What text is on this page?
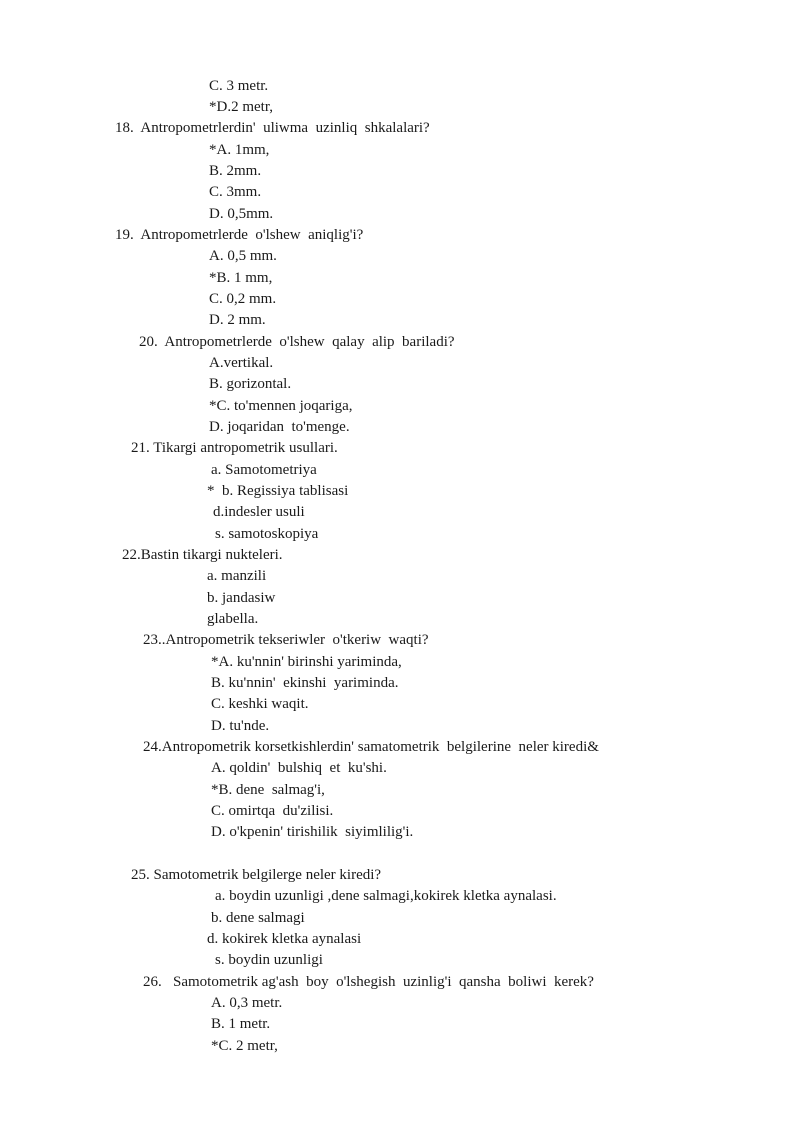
C. 3 metr.
*D.2 metr,
18.  Antropometrlerdin'  uliwma  uzinliq  shkalalari?
*A. 1mm,
B. 2mm.
C. 3mm.
D. 0,5mm.
19.  Antropometrlerde  o'lshew  aniqlig'i?
A. 0,5 mm.
*B. 1 mm,
C. 0,2 mm.
D. 2 mm.
20.  Antropometrlerde  o'lshew  qalay  alip  bariladi?
A.vertikal.
B. gorizontal.
*C. to'mennen joqariga,
D. joqaridan  to'menge.
21. Tikargi antropometrik usullari.
a. Samotometriya
*  b. Regissiya tablisasi
d.indesler usuli
s. samotoskopiya
22.Bastin tikargi nukteleri.
a. manzili
b. jandasiw
glabella.
23..Antropometrik tekseriwler  o'tkeriw  waqti?
*A. ku'nnin' birinshi yariminda,
B. ku'nnin'  ekinshi  yariminda.
C. keshki waqit.
D. tu'nde.
24.Antropometrik korsetkishlerdin' samatometrik  belgilerine  neler kiredi&
A. qoldin'  bulshiq  et  ku'shi.
*B. dene  salmag'i,
C. omirtqa  du'zilisi.
D. o'kpenin' tirishilik  siyimlilig'i.
25. Samotometrik belgilerge neler kiredi?
a. boydin uzunligi ,dene salmagi,kokirek kletka aynalasi.
b. dene salmagi
d. kokirek kletka aynalasi
s. boydin uzunligi
26.   Samotometrik ag'ash  boy  o'lshegish  uzinlig'i  qansha  boliwi  kerek?
A. 0,3 metr.
B. 1 metr.
*C. 2 metr,
